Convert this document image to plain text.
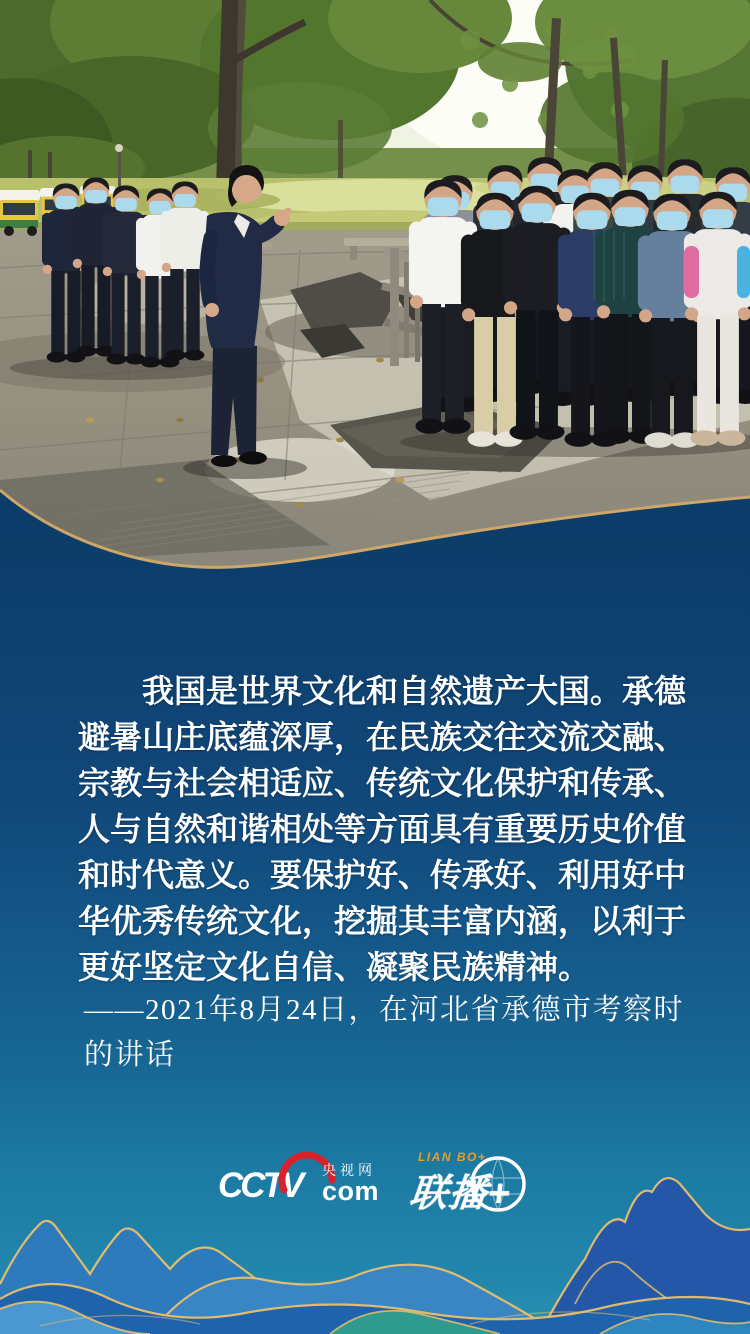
我国是世界文化和自然遗产大国。承德
避暑山庄底蕴深厚，在民族交往交流交融、
宗教与社会相适应、传统文化保护和传承、
人与自然和谐相处等方面具有重要历史价值
和时代意义。要保护好、传承好、利用好中
华优秀传统文化，挖掘其丰富内涵，以利于
更好坚定文化自信、凝聚民族精神。
——2021年8月24日，在河北省承德市考察时
的讲话
CCTV 央视网
com
LIAN BO+
联播+
